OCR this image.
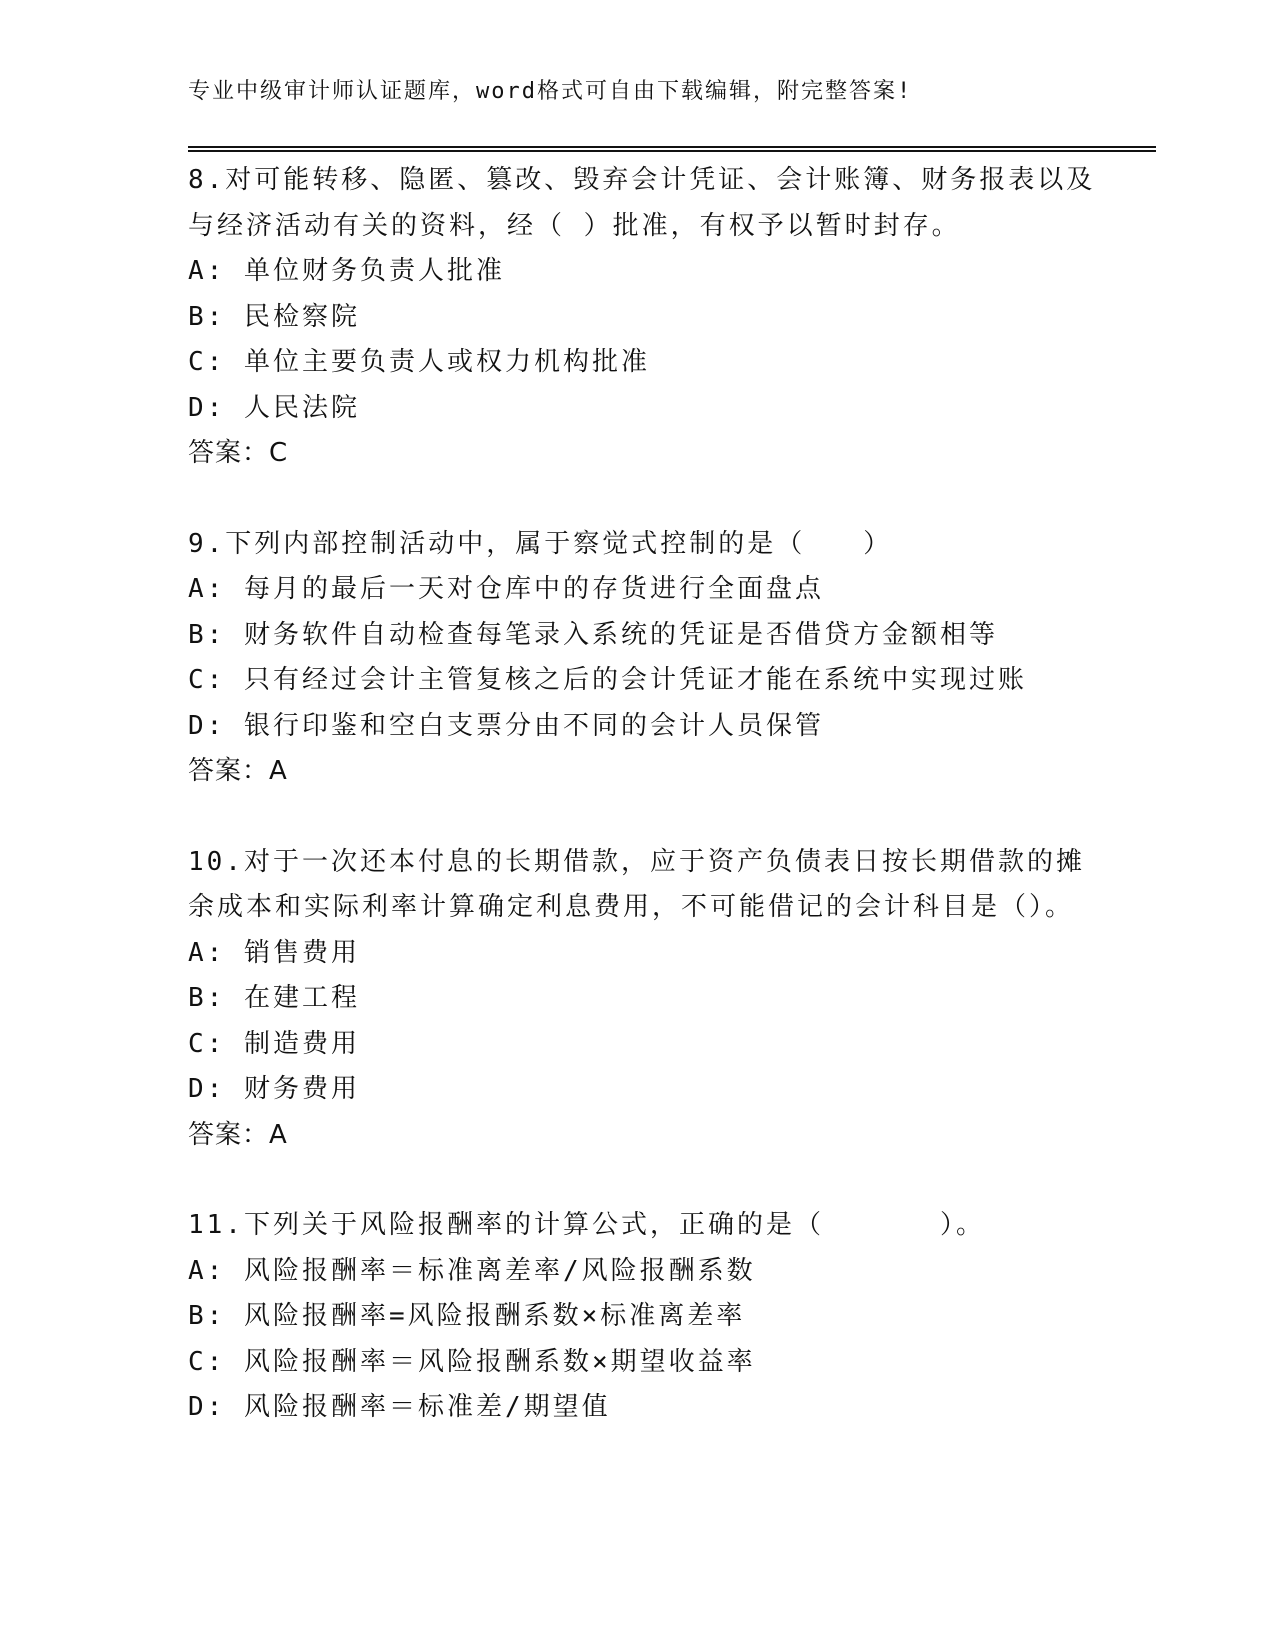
专业中级审计师认证题库，word格式可自由下载编辑，附完整答案!
8.对可能转移、隐匿、篡改、毁弃会计凭证、会计账簿、财务报表以及与经济活动有关的资料，经（ ）批准，有权予以暂时封存。
A: 单位财务负责人批准
B: 民检察院
C: 单位主要负责人或权力机构批准
D: 人民法院
答案：C
9.下列内部控制活动中，属于察觉式控制的是（　　）
A: 每月的最后一天对仓库中的存货进行全面盘点
B: 财务软件自动检查每笔录入系统的凭证是否借贷方金额相等
C: 只有经过会计主管复核之后的会计凭证才能在系统中实现过账
D: 银行印鉴和空白支票分由不同的会计人员保管
答案：A
10.对于一次还本付息的长期借款，应于资产负债表日按长期借款的摊余成本和实际利率计算确定利息费用，不可能借记的会计科目是（）。
A: 销售费用
B: 在建工程
C: 制造费用
D: 财务费用
答案：A
11.下列关于风险报酬率的计算公式，正确的是（　　　　）。
A: 风险报酬率＝标准离差率/风险报酬系数
B: 风险报酬率=风险报酬系数×标准离差率
C: 风险报酬率＝风险报酬系数×期望收益率
D: 风险报酬率＝标准差/期望值
